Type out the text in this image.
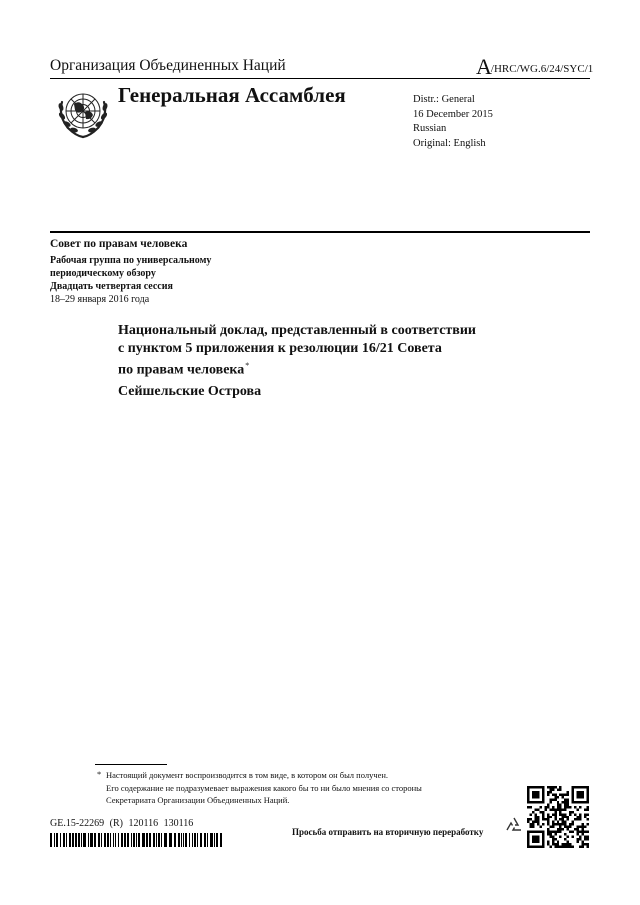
Организация Объединенных Наций	A/HRC/WG.6/24/SYC/1
Генеральная Ассамблея	Distr.: General
16 December 2015
Russian
Original: English
Совет по правам человека
Рабочая группа по универсальному периодическому обзору
Двадцать четвертая сессия
18–29 января 2016 года
Национальный доклад, представленный в соответствии
с пунктом 5 приложения к резолюции 16/21 Совета
по правам человека*
Сейшельские Острова
* Настоящий документ воспроизводится в том виде, в котором он был получен.
Его содержание не подразумевает выражения какого бы то ни было мнения со стороны
Секретариата Организации Объединенных Наций.
GE.15-22269 (R) 120116 130116
Просьба отправить на вторичную переработку
